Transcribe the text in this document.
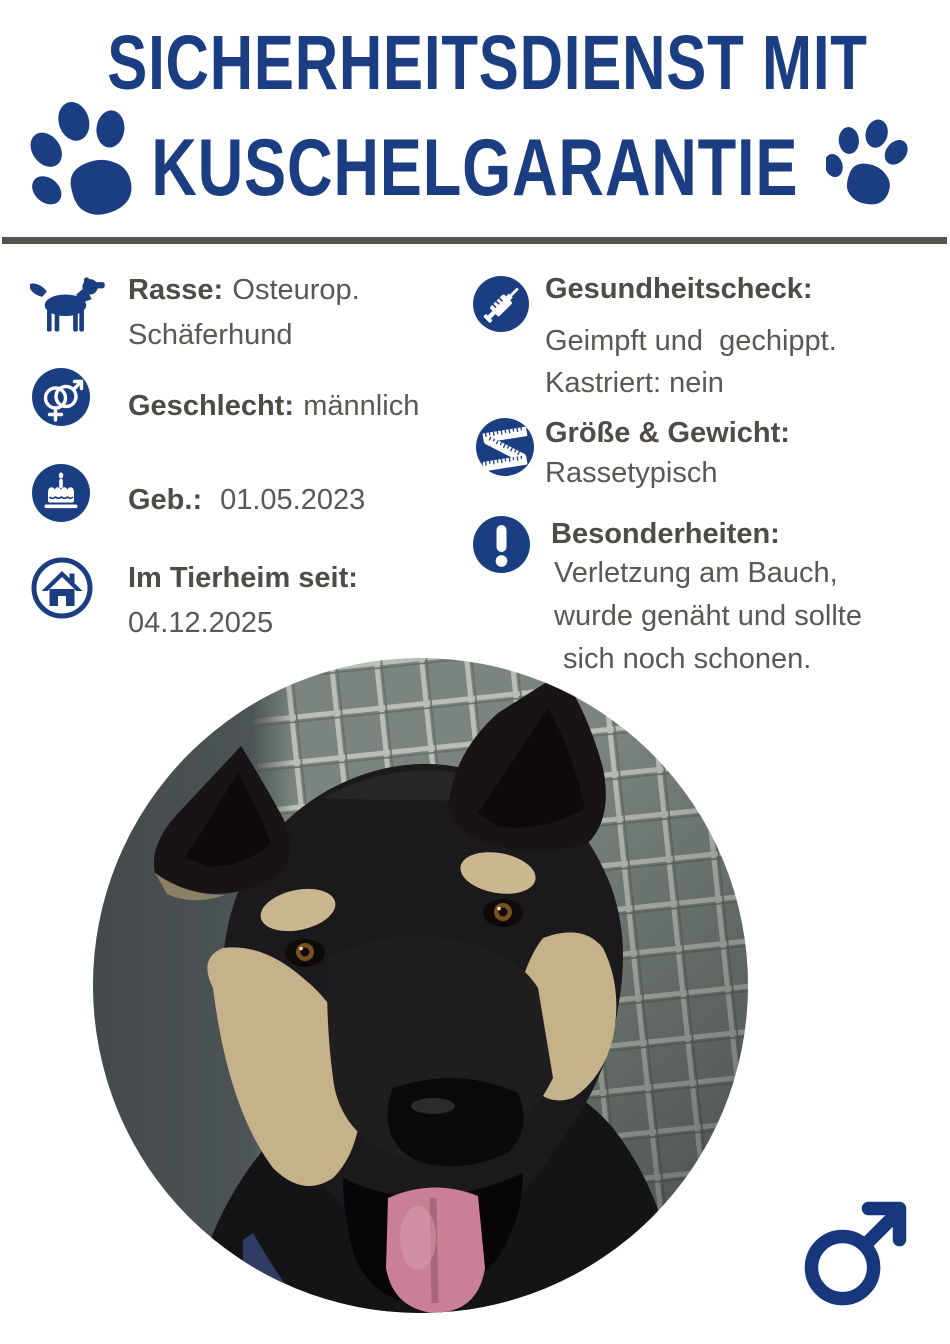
SICHERHEITSDIENST MIT
KUSCHELGARANTIE

Rasse: Osteurop. Schäferhund

Geschlecht: männlich

Geb.: 01.05.2023

Im Tierheim seit:
04.12.2025

Gesundheitscheck:

Geimpft und  gechippt.
Kastriert: nein

Größe & Gewicht:

Rassetypisch

Besonderheiten:

Verletzung am Bauch,
wurde genäht und sollte
sich noch schonen.
